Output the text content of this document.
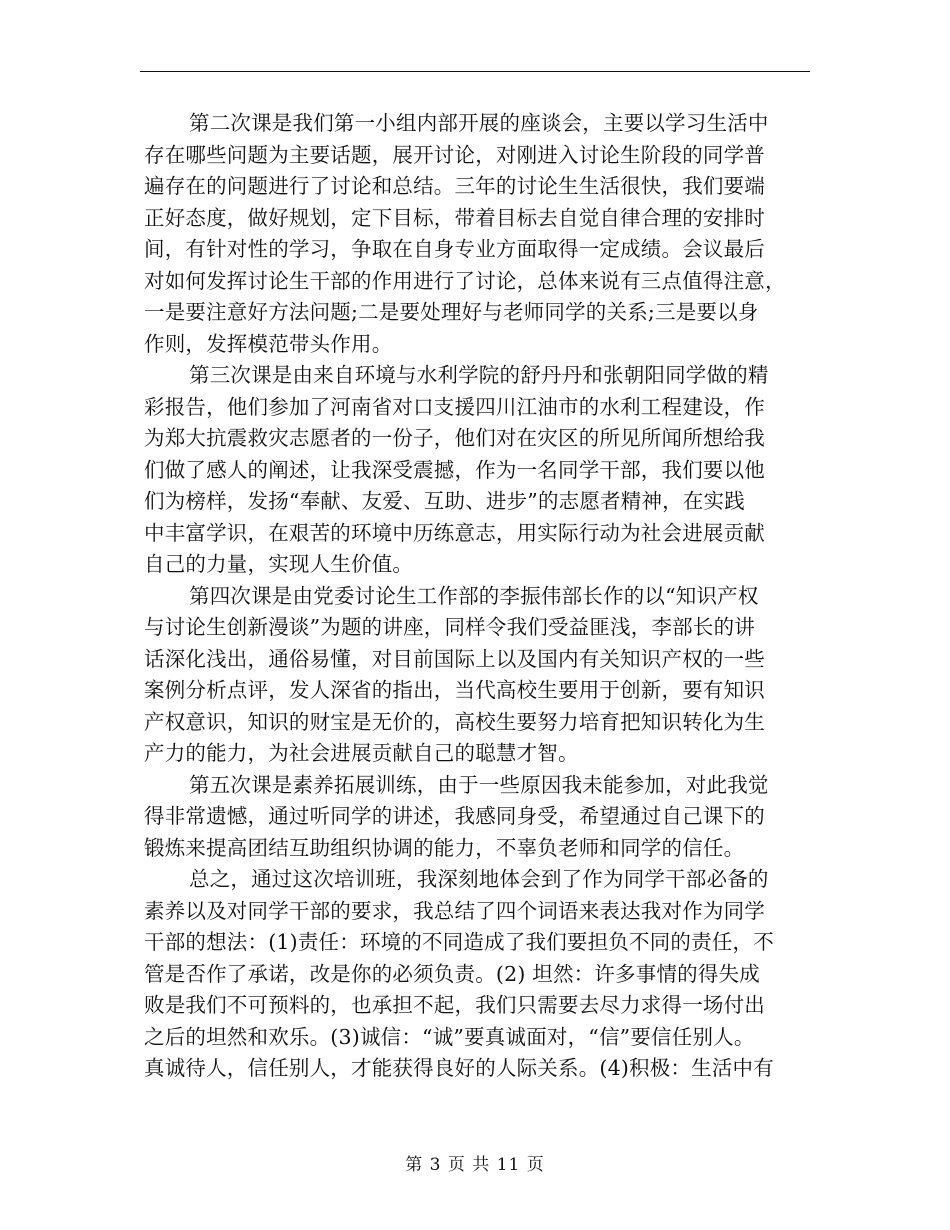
第二次课是我们第一小组内部开展的座谈会，主要以学习生活中
存在哪些问题为主要话题，展开讨论，对刚进入讨论生阶段的同学普
遍存在的问题进行了讨论和总结。三年的讨论生生活很快，我们要端
正好态度，做好规划，定下目标，带着目标去自觉自律合理的安排时
间，有针对性的学习，争取在自身专业方面取得一定成绩。会议最后
对如何发挥讨论生干部的作用进行了讨论，总体来说有三点值得注意，
一是要注意好方法问题;二是要处理好与老师同学的关系;三是要以身
作则，发挥模范带头作用。
第三次课是由来自环境与水利学院的舒丹丹和张朝阳同学做的精
彩报告，他们参加了河南省对口支援四川江油市的水利工程建设，作
为郑大抗震救灾志愿者的一份子，他们对在灾区的所见所闻所想给我
们做了感人的阐述，让我深受震撼，作为一名同学干部，我们要以他
们为榜样，发扬“奉献、友爱、互助、进步”的志愿者精神，在实践
中丰富学识，在艰苦的环境中历练意志，用实际行动为社会进展贡献
自己的力量，实现人生价值。
第四次课是由党委讨论生工作部的李振伟部长作的以“知识产权
与讨论生创新漫谈”为题的讲座，同样令我们受益匪浅，李部长的讲
话深化浅出，通俗易懂，对目前国际上以及国内有关知识产权的一些
案例分析点评，发人深省的指出，当代高校生要用于创新，要有知识
产权意识，知识的财宝是无价的，高校生要努力培育把知识转化为生
产力的能力，为社会进展贡献自己的聪慧才智。
第五次课是素养拓展训练，由于一些原因我未能参加，对此我觉
得非常遗憾，通过听同学的讲述，我感同身受，希望通过自己课下的
锻炼来提高团结互助组织协调的能力，不辜负老师和同学的信任。
总之，通过这次培训班，我深刻地体会到了作为同学干部必备的
素养以及对同学干部的要求，我总结了四个词语来表达我对作为同学
干部的想法：(1)责任：环境的不同造成了我们要担负不同的责任，不
管是否作了承诺，改是你的必须负责。(2) 坦然：许多事情的得失成
败是我们不可预料的，也承担不起，我们只需要去尽力求得一场付出
之后的坦然和欢乐。(3)诚信：“诚”要真诚面对，“信”要信任别人。
真诚待人，信任别人，才能获得良好的人际关系。(4)积极：生活中有
第 3 页 共 11 页
